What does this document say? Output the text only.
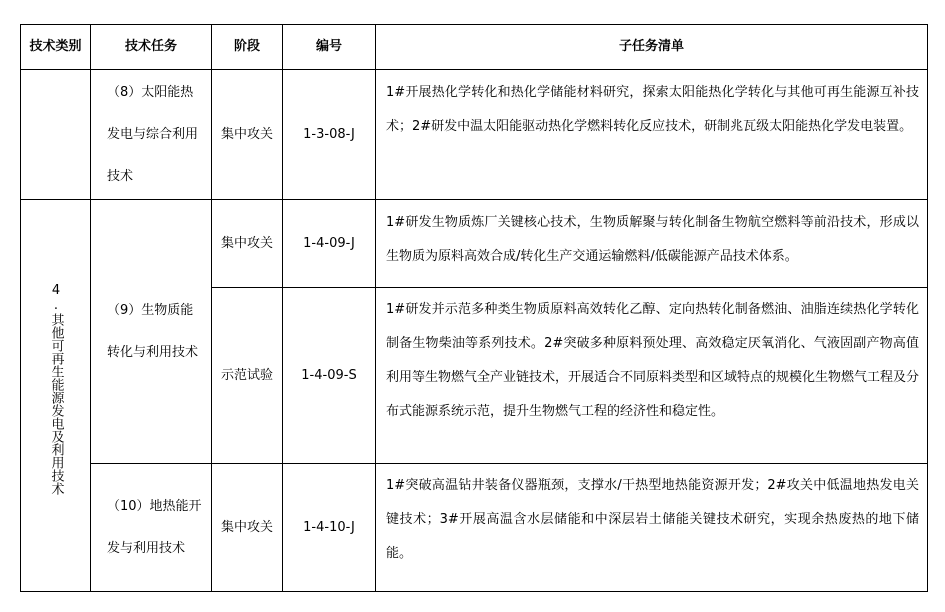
技术类别	技术任务	阶段	编号	子任务清单

	（8）太阳能热发电与综合利用技术	集中攻关	1-3-08-J	1#开展热化学转化和热化学储能材料研究，探索太阳能热化学转化与其他可再生能源互补技术；2#研发中温太阳能驱动热化学燃料转化反应技术，研制兆瓦级太阳能热化学发电装置。

4.其他可再生能源发电及利用技术	（9）生物质能转化与利用技术	集中攻关	1-4-09-J	1#研发生物质炼厂关键核心技术，生物质解聚与转化制备生物航空燃料等前沿技术，形成以生物质为原料高效合成/转化生产交通运输燃料/低碳能源产品技术体系。

		示范试验	1-4-09-S	1#研发并示范多种类生物质原料高效转化乙醇、定向热转化制备燃油、油脂连续热化学转化制备生物柴油等系列技术。2#突破多种原料预处理、高效稳定厌氧消化、气液固副产物高值利用等生物燃气全产业链技术，开展适合不同原料类型和区域特点的规模化生物燃气工程及分布式能源系统示范，提升生物燃气工程的经济性和稳定性。

	（10）地热能开发与利用技术	集中攻关	1-4-10-J	1#突破高温钻井装备仪器瓶颈，支撑水/干热型地热能资源开发；2#攻关中低温地热发电关键技术；3#开展高温含水层储能和中深层岩土储能关键技术研究，实现余热废热的地下储能。
